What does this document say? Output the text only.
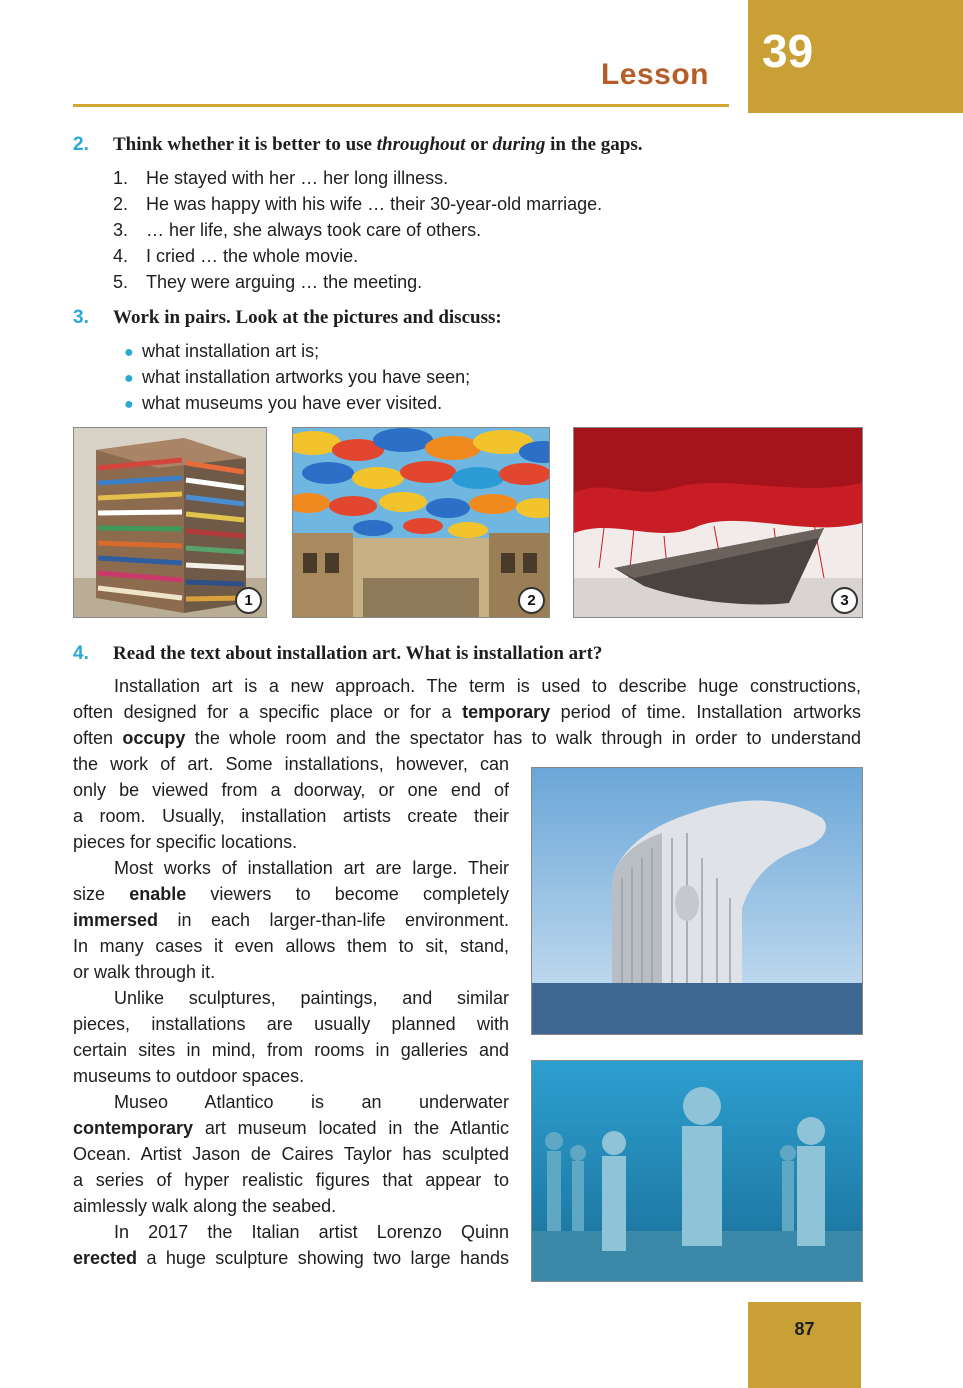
Lesson 39
2. Think whether it is better to use throughout or during in the gaps.
1. He stayed with her … her long illness.
2. He was happy with his wife … their 30-year-old marriage.
3. … her life, she always took care of others.
4. I cried … the whole movie.
5. They were arguing … the meeting.
3. Work in pairs. Look at the pictures and discuss:
● what installation art is;
● what installation artworks you have seen;
● what museums you have ever visited.
1	2	3
4. Read the text about installation art. What is installation art?
Installation art is a new approach. The term is used to describe huge constructions,
often designed for a specific place or for a temporary period of time. Installation artworks
often occupy the whole room and the spectator has to walk through in order to understand
the work of art. Some installations, however, can
only be viewed from a doorway, or one end of
a room. Usually, installation artists create their
pieces for specific locations.
Most works of installation art are large. Their
size enable viewers to become completely
immersed in each larger-than-life environment.
In many cases it even allows them to sit, stand,
or walk through it.
Unlike sculptures, paintings, and similar
pieces, installations are usually planned with
certain sites in mind, from rooms in galleries and
museums to outdoor spaces.
Museo Atlantico is an underwater
contemporary art museum located in the Atlantic
Ocean. Artist Jason de Caires Taylor has sculpted
a series of hyper realistic figures that appear to
aimlessly walk along the seabed.
In 2017 the Italian artist Lorenzo Quinn
erected a huge sculpture showing two large hands
87
